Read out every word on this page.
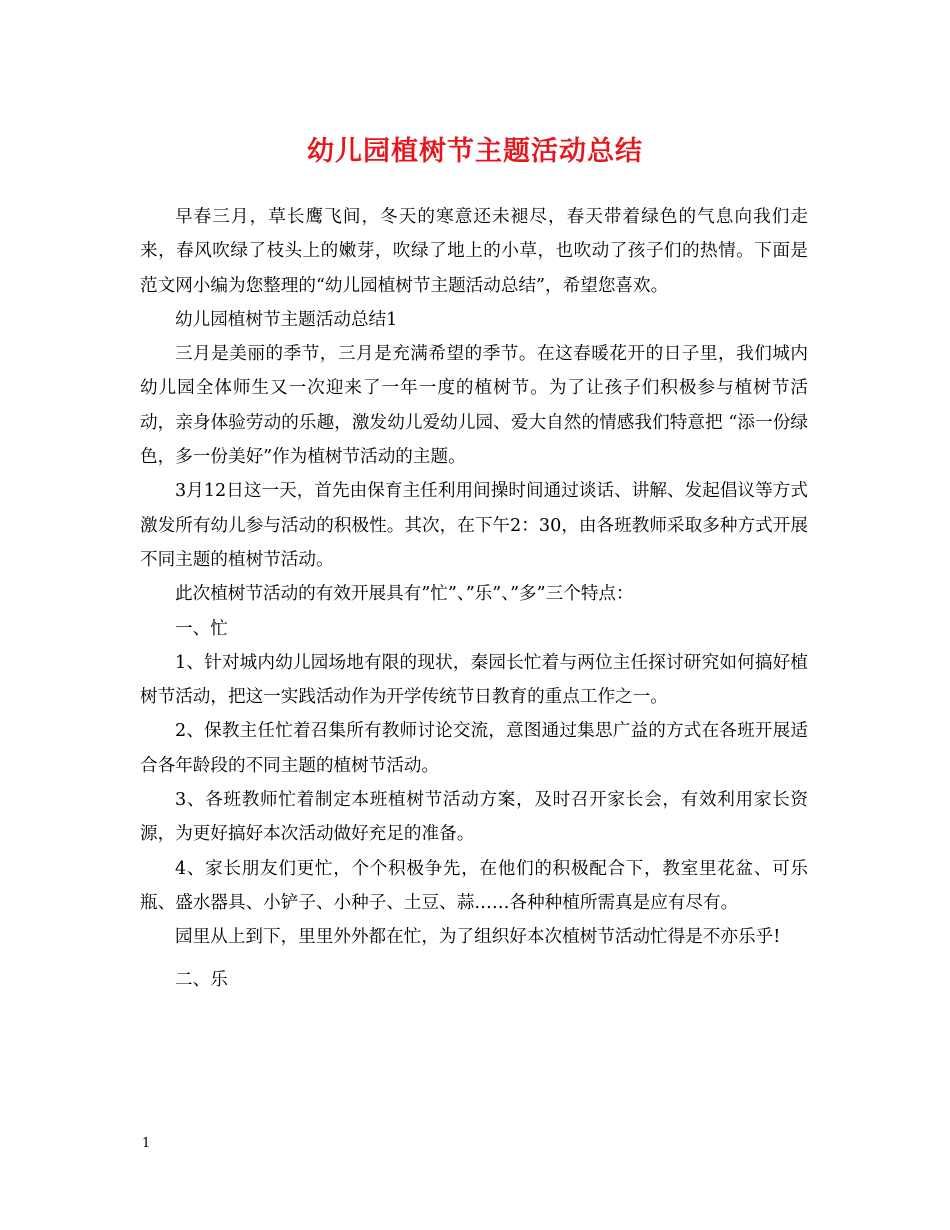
幼儿园植树节主题活动总结

早春三月，草长鹰飞间，冬天的寒意还未褪尽，春天带着绿色的气息向我们走来，春风吹绿了枝头上的嫩芽，吹绿了地上的小草，也吹动了孩子们的热情。下面是范文网小编为您整理的“幼儿园植树节主题活动总结”，希望您喜欢。

幼儿园植树节主题活动总结1

三月是美丽的季节，三月是充满希望的季节。在这春暖花开的日子里，我们城内幼儿园全体师生又一次迎来了一年一度的植树节。为了让孩子们积极参与植树节活动，亲身体验劳动的乐趣，激发幼儿爱幼儿园、爱大自然的情感我们特意把 “添一份绿色，多一份美好”作为植树节活动的主题。

3月12日这一天，首先由保育主任利用间操时间通过谈话、讲解、发起倡议等方式激发所有幼儿参与活动的积极性。其次，在下午2：30，由各班教师采取多种方式开展不同主题的植树节活动。

此次植树节活动的有效开展具有”忙”、”乐”、”多”三个特点：

一、忙

1、针对城内幼儿园场地有限的现状，秦园长忙着与两位主任探讨研究如何搞好植树节活动，把这一实践活动作为开学传统节日教育的重点工作之一。

2、保教主任忙着召集所有教师讨论交流，意图通过集思广益的方式在各班开展适合各年龄段的不同主题的植树节活动。

3、各班教师忙着制定本班植树节活动方案，及时召开家长会，有效利用家长资源，为更好搞好本次活动做好充足的准备。

4、家长朋友们更忙，个个积极争先，在他们的积极配合下，教室里花盆、可乐瓶、盛水器具、小铲子、小种子、土豆、蒜……各种种植所需真是应有尽有。

园里从上到下，里里外外都在忙，为了组织好本次植树节活动忙得是不亦乐乎!

二、乐

1
